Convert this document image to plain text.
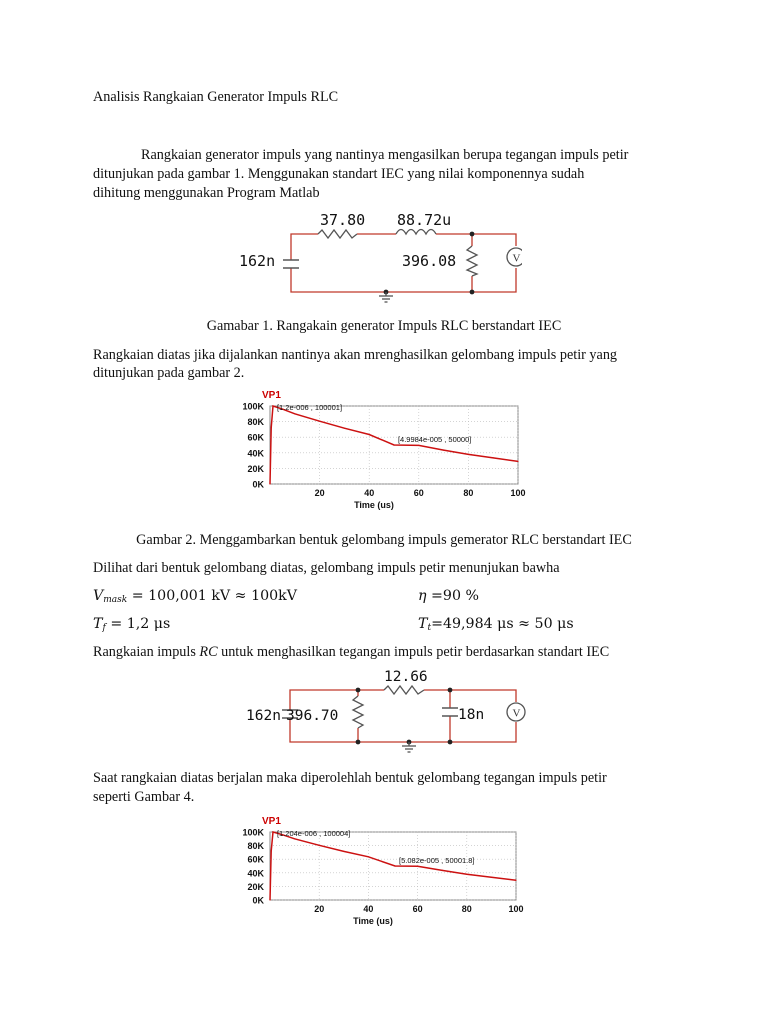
Analisis Rangkaian Generator Impuls RLC
Rangkaian generator impuls yang nantinya mengasilkan berupa tegangan impuls petir
ditunjukan pada gambar 1. Menggunakan standart IEC yang nilai komponennya sudah
dihitung menggunakan Program Matlab
V
37.80 88.72u
162n	396.08
Gamabar 1. Rangakain generator Impuls RLC berstandart IEC
Rangkaian diatas jika dijalankan nantinya akan mrenghasilkan gelombang impuls petir yang
ditunjukan pada gambar 2.
0K
20K
40K
60K
80K
100K
20	40	60	80	100
Time (us)
VP1
[1.2e-006 , 100001]
[4.9984e-005 , 50000]
Gambar 2. Menggambarkan bentuk gelombang impuls gemerator RLC berstandart IEC
Dilihat dari bentuk gelombang diatas, gelombang impuls petir menunjukan bawha
$V_{mask} = 100,001$ kV ≈ 100kV	η =90 %
$T_f = 1,2$ μs	$T_t=49,984$ μs ≈ 50 μs
Rangkaian impuls RC untuk menghasilkan tegangan impuls petir berdasarkan standart IEC
V
162n 396.70
12.66
18n
Saat rangkaian diatas berjalan maka diperolehlah bentuk gelombang tegangan impuls petir
seperti Gambar 4.
0K
20K
40K
60K
80K
100K
20	40	60	80	100
Time (us)
VP1
[1.204e-006 , 100004]
[5.082e-005 , 50001.8]
